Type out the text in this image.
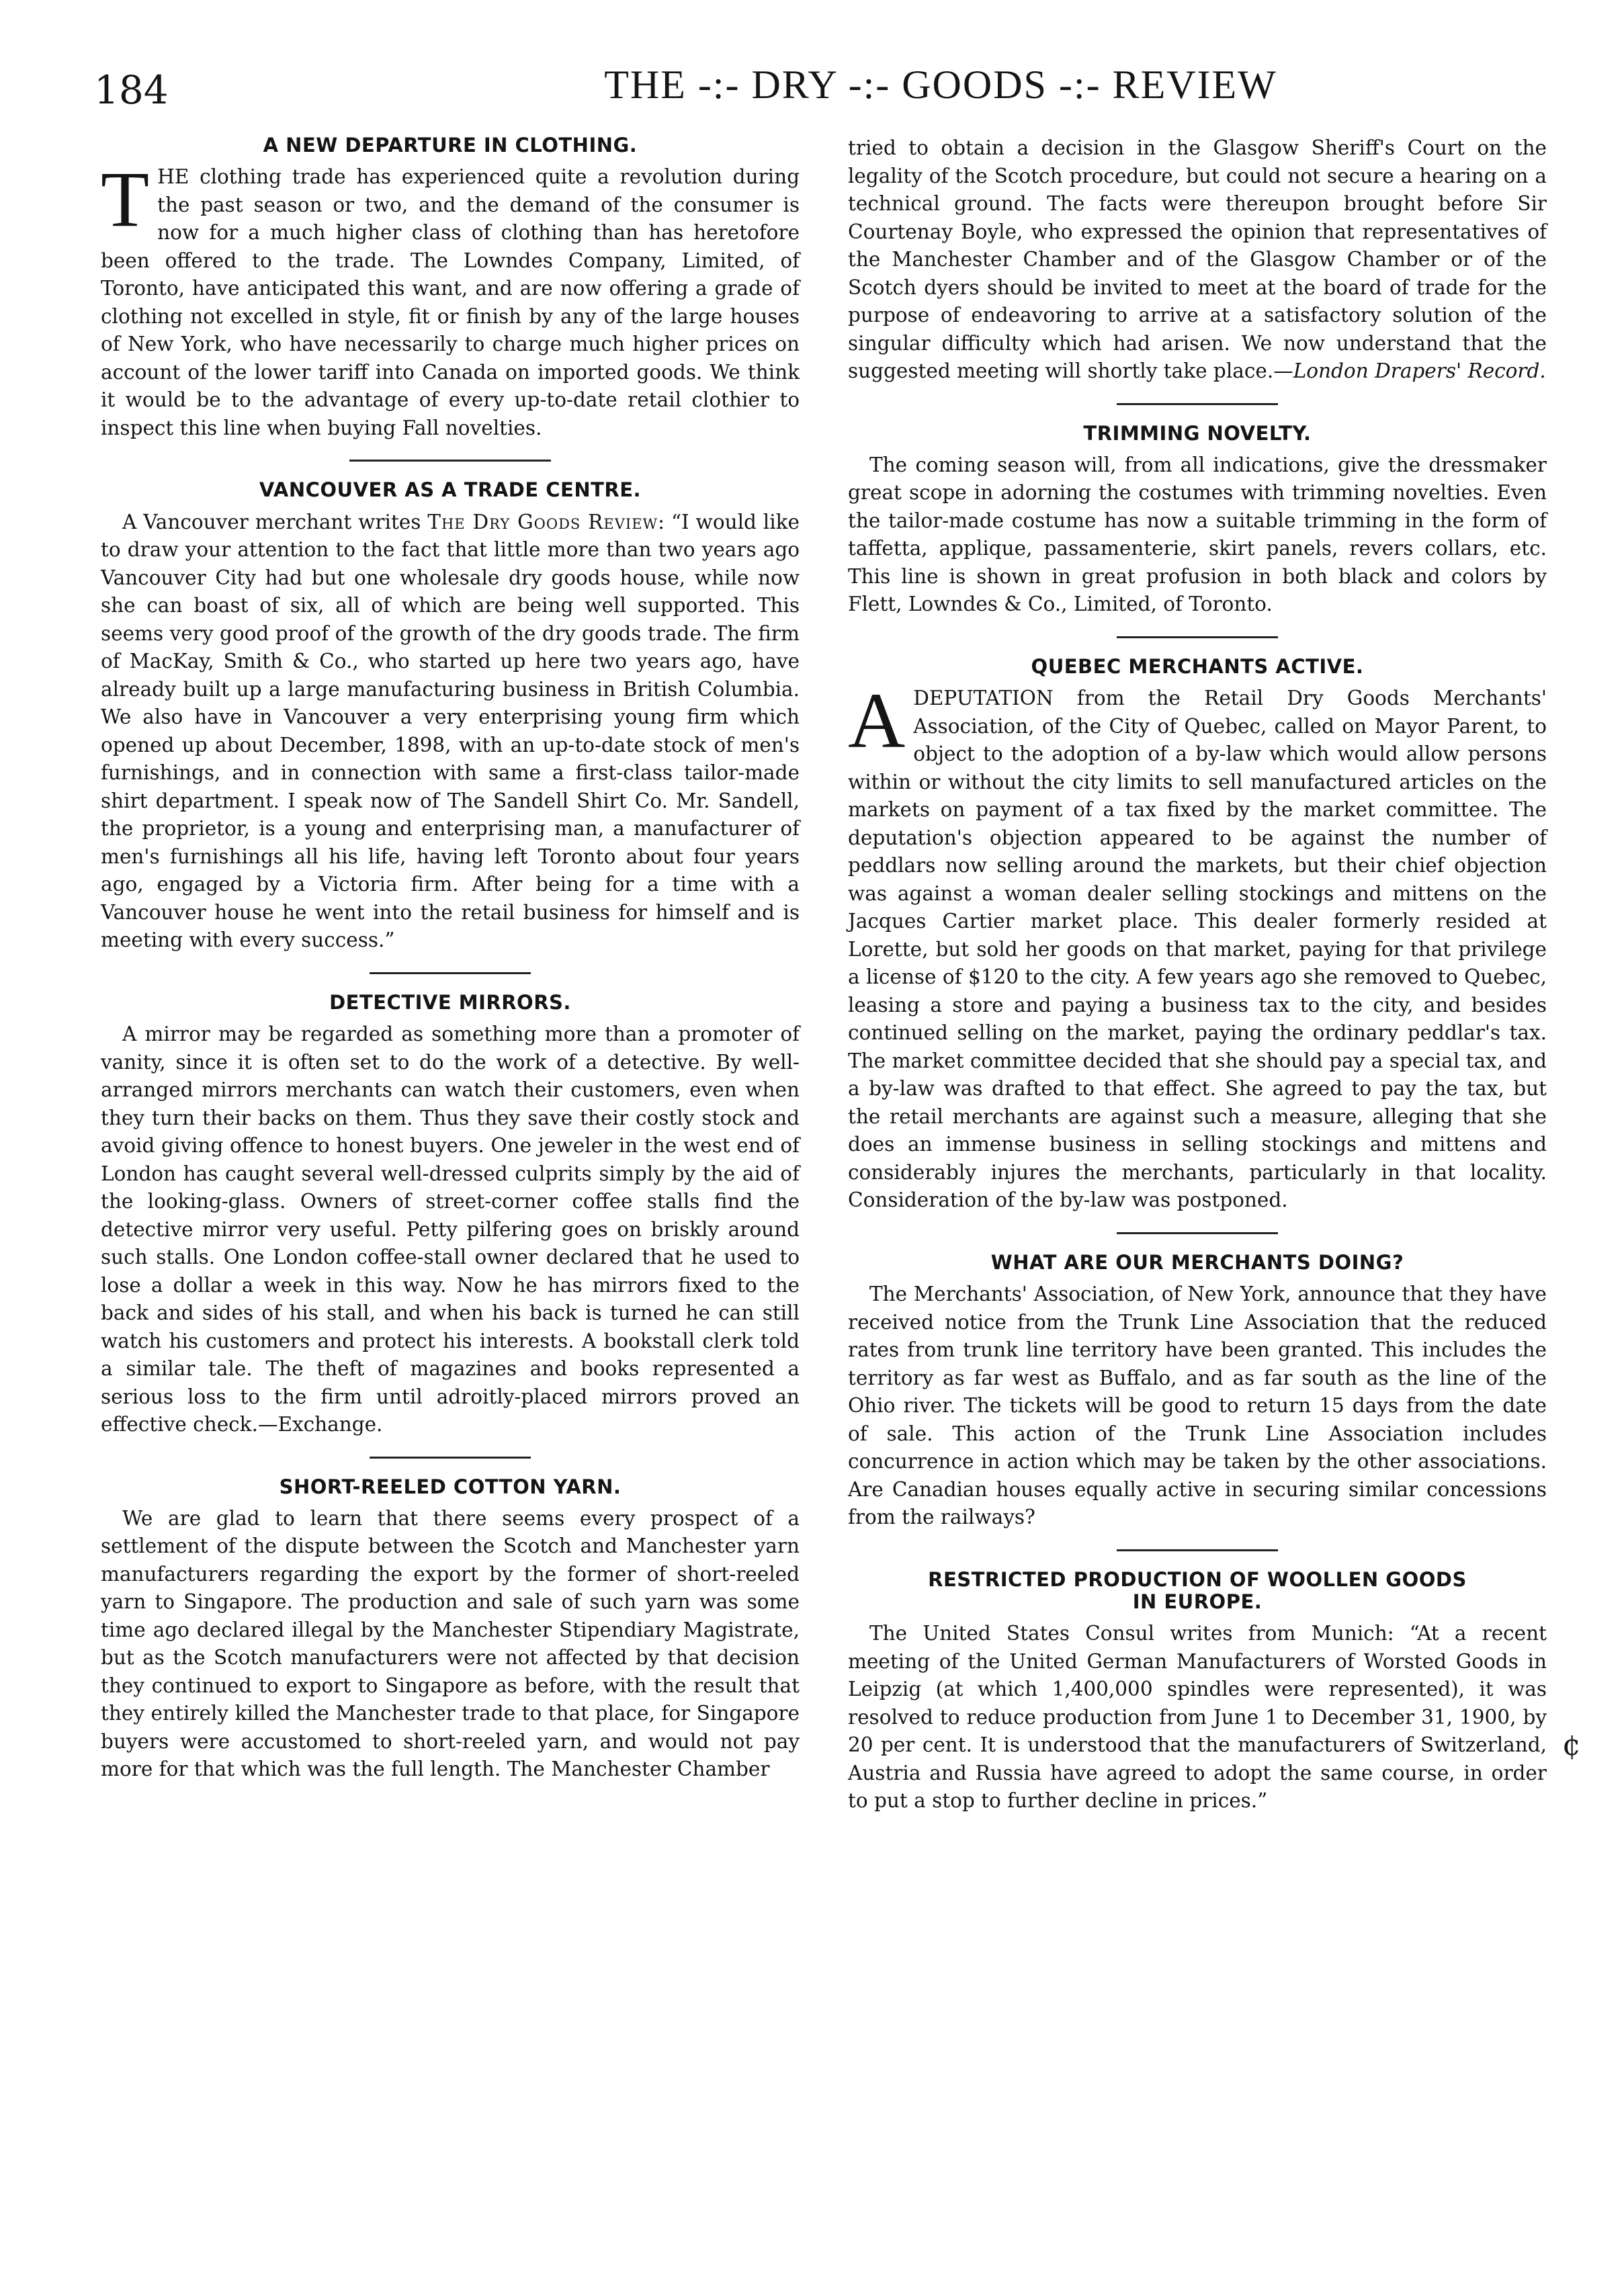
184	THE -:- DRY -:- GOODS -:- REVIEW
A NEW DEPARTURE IN CLOTHING.

THE clothing trade has experienced quite a revolution during the past season or two, and the demand of the consumer is now for a much higher class of clothing than has heretofore been offered to the trade. The Lowndes Company, Limited, of Toronto, have anticipated this want, and are now offering a grade of clothing not excelled in style, fit or finish by any of the large houses of New York, who have necessarily to charge much higher prices on account of the lower tariff into Canada on imported goods. We think it would be to the advantage of every up-to-date retail clothier to inspect this line when buying Fall novelties.

VANCOUVER AS A TRADE CENTRE.

A Vancouver merchant writes The Dry Goods Review: “I would like to draw your attention to the fact that little more than two years ago Vancouver City had but one wholesale dry goods house, while now she can boast of six, all of which are being well supported. This seems very good proof of the growth of the dry goods trade. The firm of MacKay, Smith & Co., who started up here two years ago, have already built up a large manufacturing business in British Columbia. We also have in Vancouver a very enterprising young firm which opened up about December, 1898, with an up-to-date stock of men's furnishings, and in connection with same a first-class tailor-made shirt department. I speak now of The Sandell Shirt Co. Mr. Sandell, the proprietor, is a young and enterprising man, a manufacturer of men's furnishings all his life, having left Toronto about four years ago, engaged by a Victoria firm. After being for a time with a Vancouver house he went into the retail business for himself and is meeting with every success.”

DETECTIVE MIRRORS.

A mirror may be regarded as something more than a promoter of vanity, since it is often set to do the work of a detective. By well-arranged mirrors merchants can watch their customers, even when they turn their backs on them. Thus they save their costly stock and avoid giving offence to honest buyers. One jeweler in the west end of London has caught several well-dressed culprits simply by the aid of the looking-glass. Owners of street-corner coffee stalls find the detective mirror very useful. Petty pilfering goes on briskly around such stalls. One London coffee-stall owner declared that he used to lose a dollar a week in this way. Now he has mirrors fixed to the back and sides of his stall, and when his back is turned he can still watch his customers and protect his interests. A bookstall clerk told a similar tale. The theft of magazines and books represented a serious loss to the firm until adroitly-placed mirrors proved an effective check.—Exchange.

SHORT-REELED COTTON YARN.

We are glad to learn that there seems every prospect of a settlement of the dispute between the Scotch and Manchester yarn manufacturers regarding the export by the former of short-reeled yarn to Singapore. The production and sale of such yarn was some time ago declared illegal by the Manchester Stipendiary Magistrate, but as the Scotch manufacturers were not affected by that decision they continued to export to Singapore as before, with the result that they entirely killed the Manchester trade to that place, for Singapore buyers were accustomed to short-reeled yarn, and would not pay more for that which was the full length. The Manchester Chamber

tried to obtain a decision in the Glasgow Sheriff's Court on the legality of the Scotch procedure, but could not secure a hearing on a technical ground. The facts were thereupon brought before Sir Courtenay Boyle, who expressed the opinion that representatives of the Manchester Chamber and of the Glasgow Chamber or of the Scotch dyers should be invited to meet at the board of trade for the purpose of endeavoring to arrive at a satisfactory solution of the singular difficulty which had arisen. We now understand that the suggested meeting will shortly take place.—London Drapers' Record.

TRIMMING NOVELTY.

The coming season will, from all indications, give the dressmaker great scope in adorning the costumes with trimming novelties. Even the tailor-made costume has now a suitable trimming in the form of taffetta, applique, passamenterie, skirt panels, revers collars, etc. This line is shown in great profusion in both black and colors by Flett, Lowndes & Co., Limited, of Toronto.

QUEBEC MERCHANTS ACTIVE.

ADEPUTATION from the Retail Dry Goods Merchants' Association, of the City of Quebec, called on Mayor Parent, to object to the adoption of a by-law which would allow persons within or without the city limits to sell manufactured articles on the markets on payment of a tax fixed by the market committee. The deputation's objection appeared to be against the number of peddlars now selling around the markets, but their chief objection was against a woman dealer selling stockings and mittens on the Jacques Cartier market place. This dealer formerly resided at Lorette, but sold her goods on that market, paying for that privilege a license of $120 to the city. A few years ago she removed to Quebec, leasing a store and paying a business tax to the city, and besides continued selling on the market, paying the ordinary peddlar's tax. The market committee decided that she should pay a special tax, and a by-law was drafted to that effect. She agreed to pay the tax, but the retail merchants are against such a measure, alleging that she does an immense business in selling stockings and mittens and considerably injures the merchants, particularly in that locality. Consideration of the by-law was postponed.

WHAT ARE OUR MERCHANTS DOING?

The Merchants' Association, of New York, announce that they have received notice from the Trunk Line Association that the reduced rates from trunk line territory have been granted. This includes the territory as far west as Buffalo, and as far south as the line of the Ohio river. The tickets will be good to return 15 days from the date of sale. This action of the Trunk Line Association includes concurrence in action which may be taken by the other associations. Are Canadian houses equally active in securing similar concessions from the railways?

RESTRICTED PRODUCTION OF WOOLLEN GOODS
IN EUROPE.

The United States Consul writes from Munich: “At a recent meeting of the United German Manufacturers of Worsted Goods in Leipzig (at which 1,400,000 spindles were represented), it was resolved to reduce production from June 1 to December 31, 1900, by 20 per cent. It is understood that the manufacturers of Switzerland, Austria and Russia have agreed to adopt the same course, in order to put a stop to further decline in prices.”

¢
